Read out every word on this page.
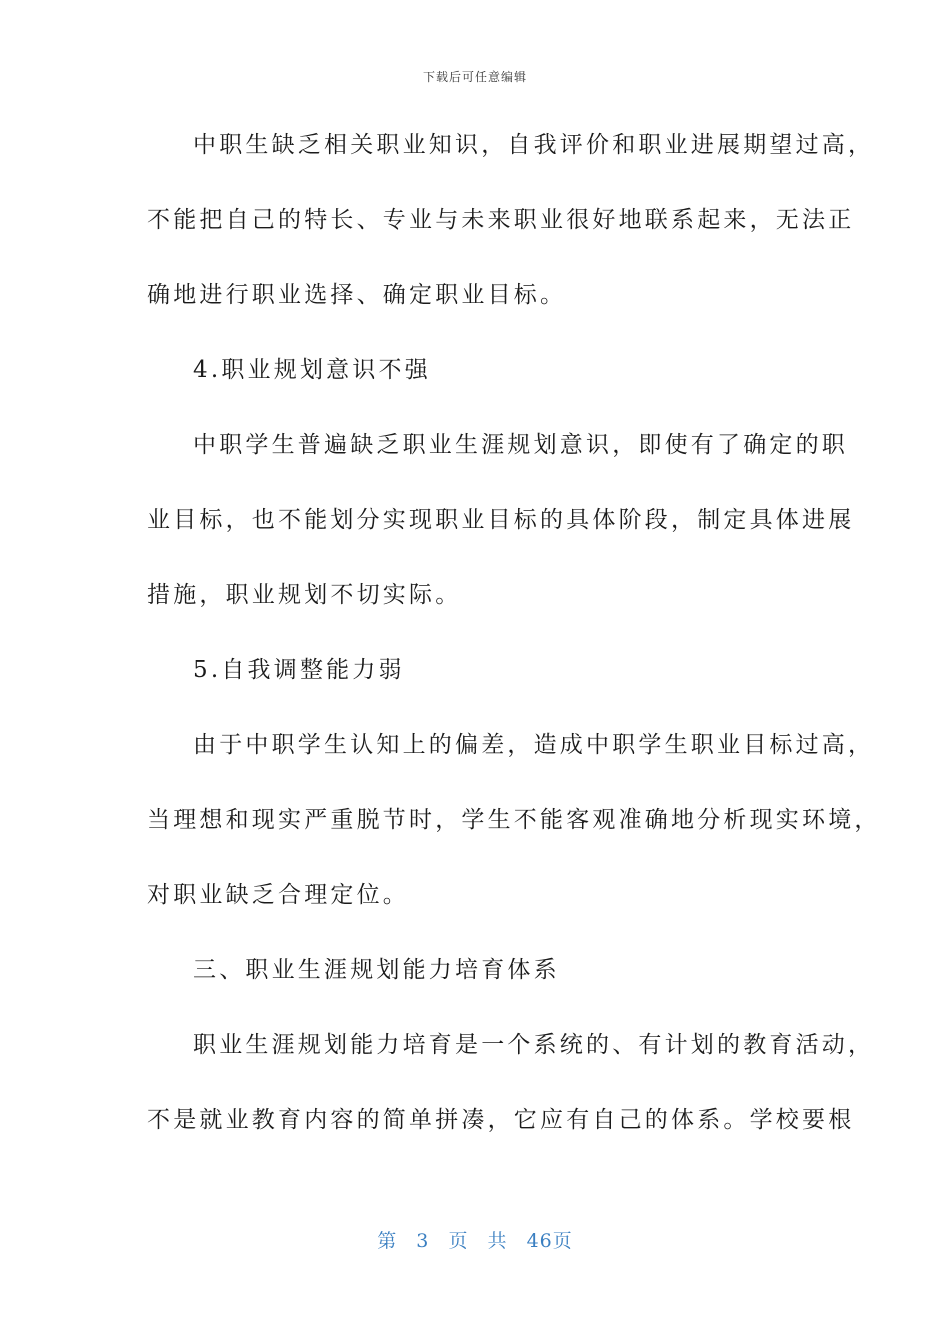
下载后可任意编辑
中职生缺乏相关职业知识，自我评价和职业进展期望过高，
不能把自己的特长、专业与未来职业很好地联系起来，无法正
确地进行职业选择、确定职业目标。
4.职业规划意识不强
中职学生普遍缺乏职业生涯规划意识，即使有了确定的职
业目标，也不能划分实现职业目标的具体阶段，制定具体进展
措施，职业规划不切实际。
5.自我调整能力弱
由于中职学生认知上的偏差，造成中职学生职业目标过高，
当理想和现实严重脱节时，学生不能客观准确地分析现实环境，
对职业缺乏合理定位。
三、职业生涯规划能力培育体系
职业生涯规划能力培育是一个系统的、有计划的教育活动，
不是就业教育内容的简单拼凑，它应有自己的体系。学校要根
第 3 页 共 46页
